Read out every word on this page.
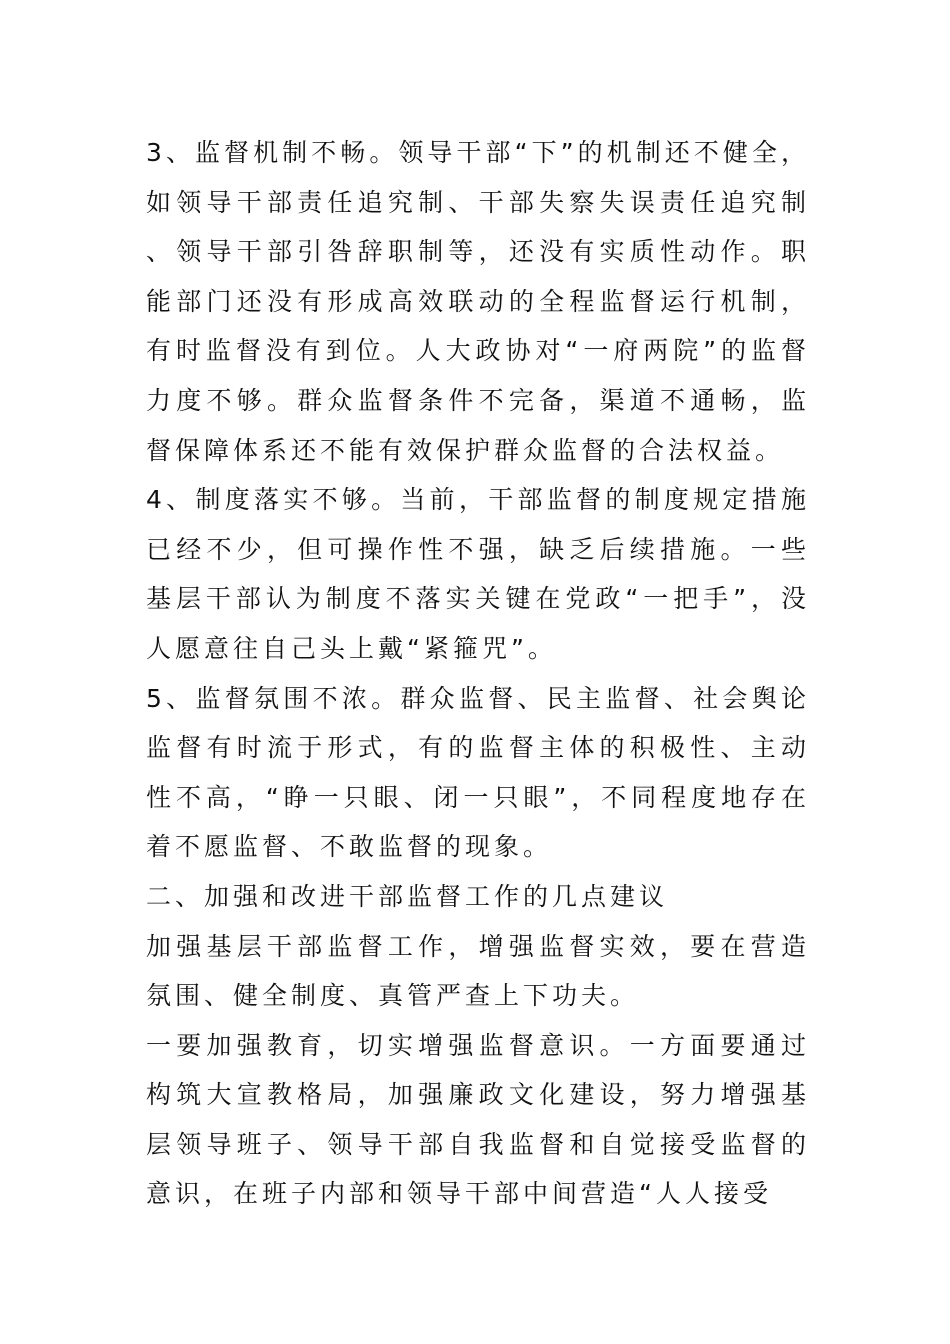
3、监督机制不畅。领导干部“下”的机制还不健全，如领导干部责任追究制、干部失察失误责任追究制、领导干部引咎辞职制等，还没有实质性动作。职能部门还没有形成高效联动的全程监督运行机制，有时监督没有到位。人大政协对“一府两院”的监督力度不够。群众监督条件不完备，渠道不通畅，监督保障体系还不能有效保护群众监督的合法权益。

4、制度落实不够。当前，干部监督的制度规定措施已经不少，但可操作性不强，缺乏后续措施。一些基层干部认为制度不落实关键在党政“一把手”，没人愿意往自己头上戴“紧箍咒”。

5、监督氛围不浓。群众监督、民主监督、社会舆论监督有时流于形式，有的监督主体的积极性、主动性不高，“睁一只眼、闭一只眼”，不同程度地存在着不愿监督、不敢监督的现象。

二、加强和改进干部监督工作的几点建议

加强基层干部监督工作，增强监督实效，要在营造氛围、健全制度、真管严查上下功夫。

一要加强教育，切实增强监督意识。一方面要通过构筑大宣教格局，加强廉政文化建设，努力增强基层领导班子、领导干部自我监督和自觉接受监督的意识，在班子内部和领导干部中间营造“人人接受
